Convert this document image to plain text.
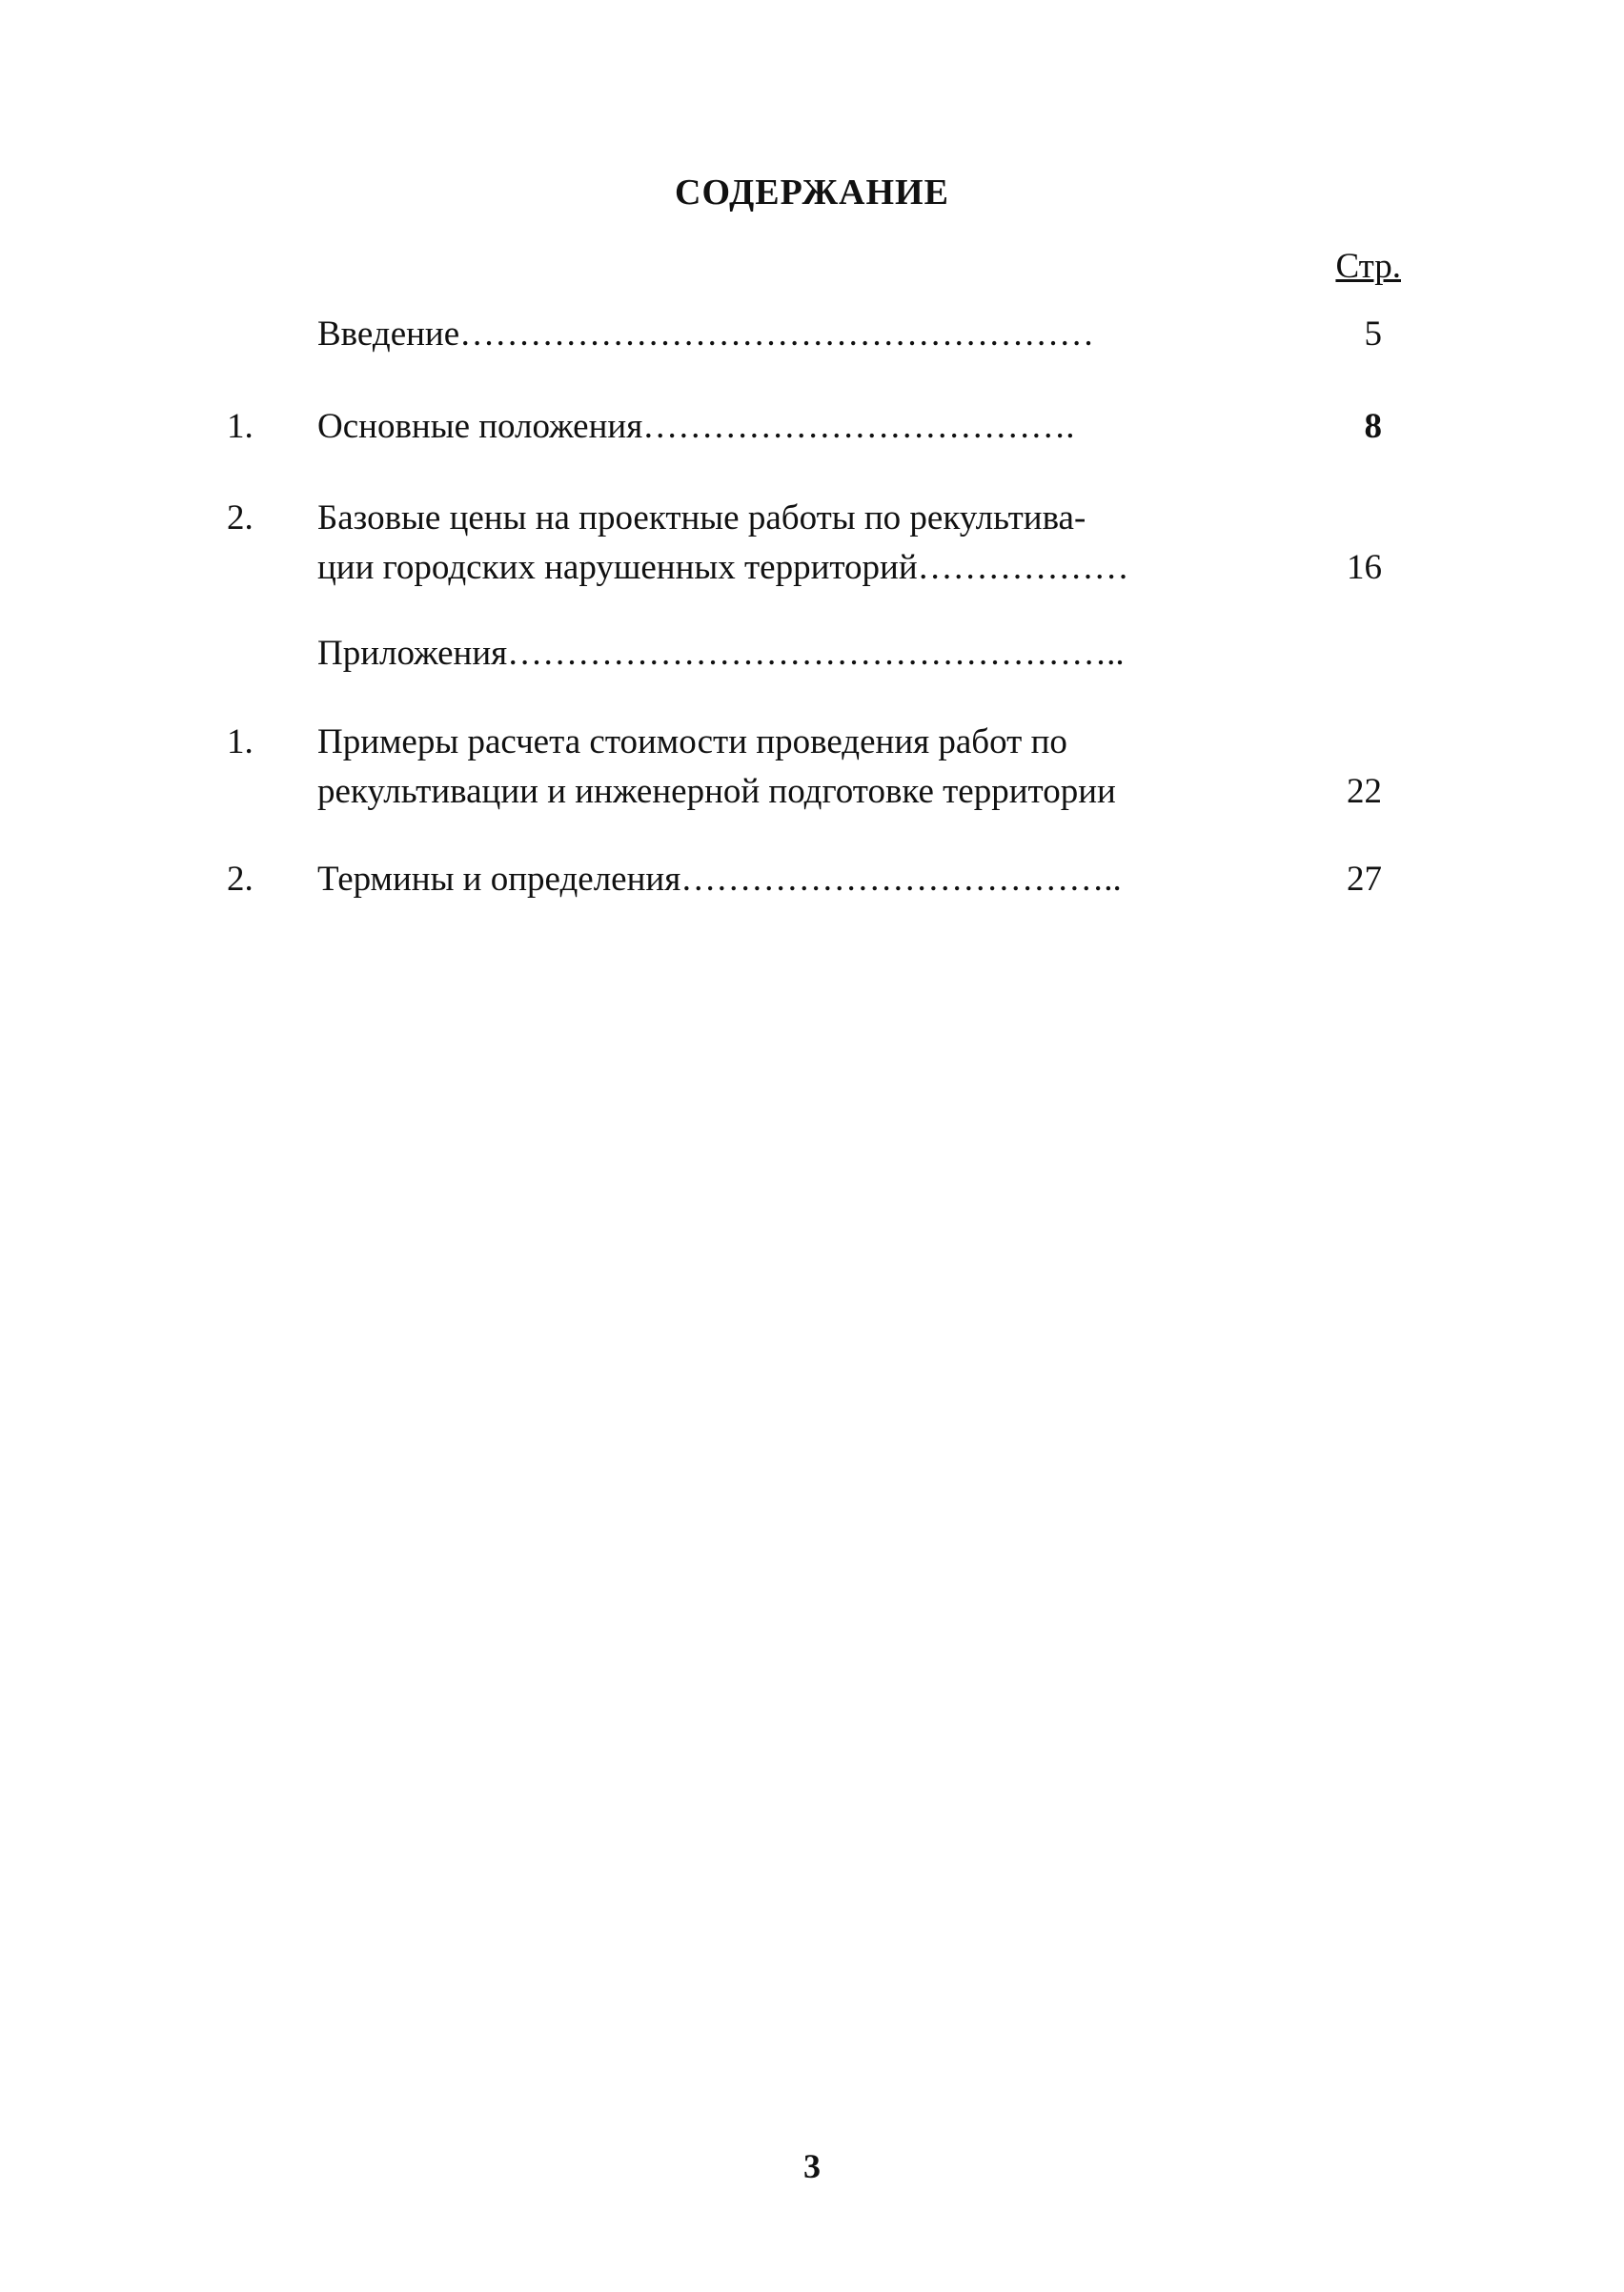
СОДЕРЖАНИЕ
Стр.
Введение………………………………………………	5
1. Основные положения……………………………….	8
2. Базовые цены на проектные работы по рекультива-
ции городских нарушенных территорий………………	16
Приложения……………………………………………..
1. Примеры расчета стоимости проведения работ по
рекультивации и инженерной подготовке территории	22
2. Термины и определения………………………………..	27
3
